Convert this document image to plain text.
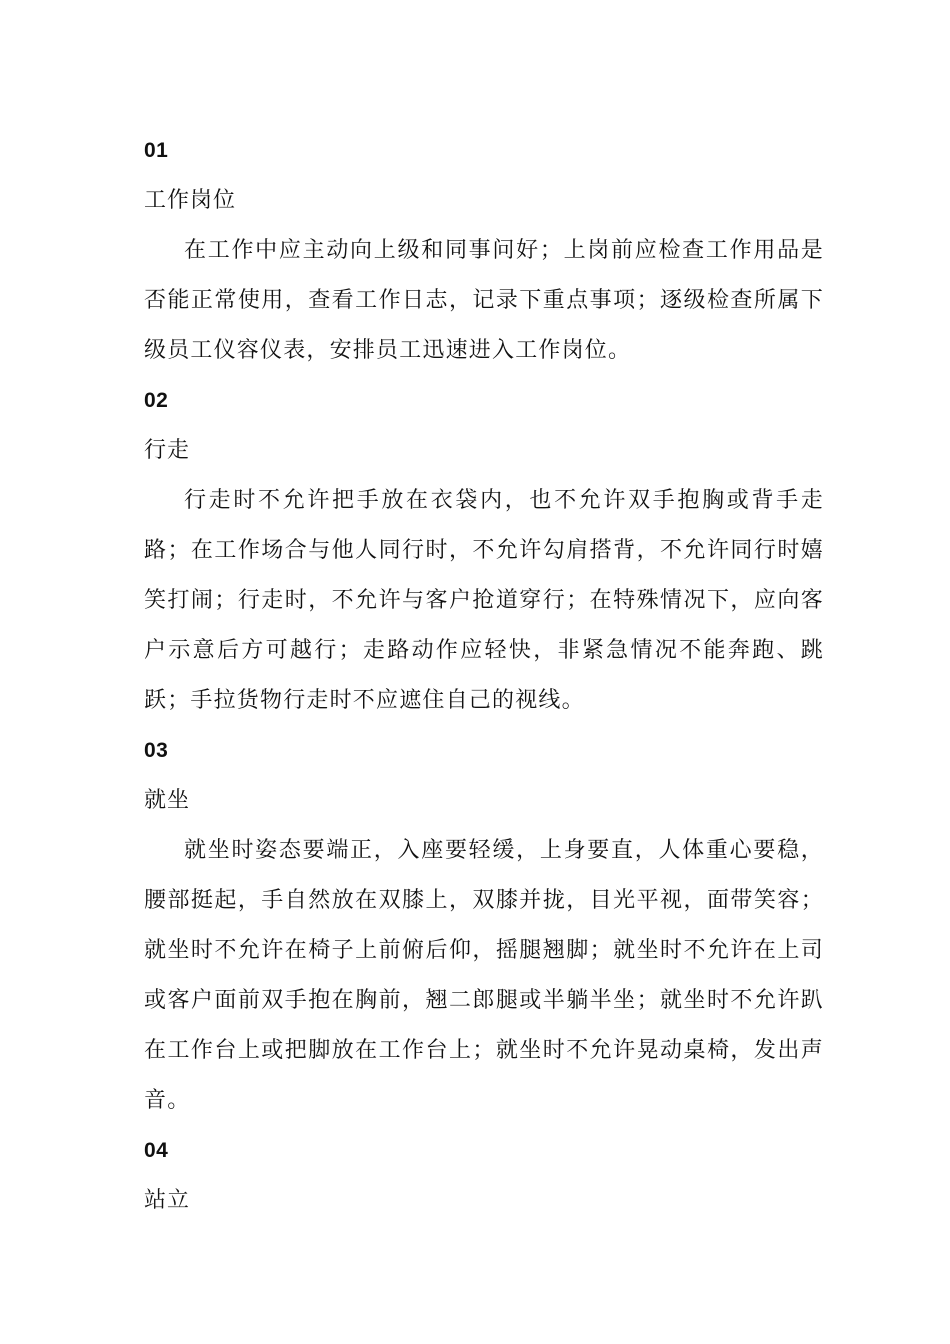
01
工作岗位
在工作中应主动向上级和同事问好；上岗前应检查工作用品是否能正常使用，查看工作日志，记录下重点事项；逐级检查所属下级员工仪容仪表，安排员工迅速进入工作岗位。
02
行走
行走时不允许把手放在衣袋内，也不允许双手抱胸或背手走路；在工作场合与他人同行时，不允许勾肩搭背，不允许同行时嬉笑打闹；行走时，不允许与客户抢道穿行；在特殊情况下，应向客户示意后方可越行；走路动作应轻快，非紧急情况不能奔跑、跳跃；手拉货物行走时不应遮住自己的视线。
03
就坐
就坐时姿态要端正，入座要轻缓，上身要直，人体重心要稳，腰部挺起，手自然放在双膝上，双膝并拢，目光平视，面带笑容；就坐时不允许在椅子上前俯后仰，摇腿翘脚；就坐时不允许在上司或客户面前双手抱在胸前，翘二郎腿或半躺半坐；就坐时不允许趴在工作台上或把脚放在工作台上；就坐时不允许晃动桌椅，发出声音。
04
站立
